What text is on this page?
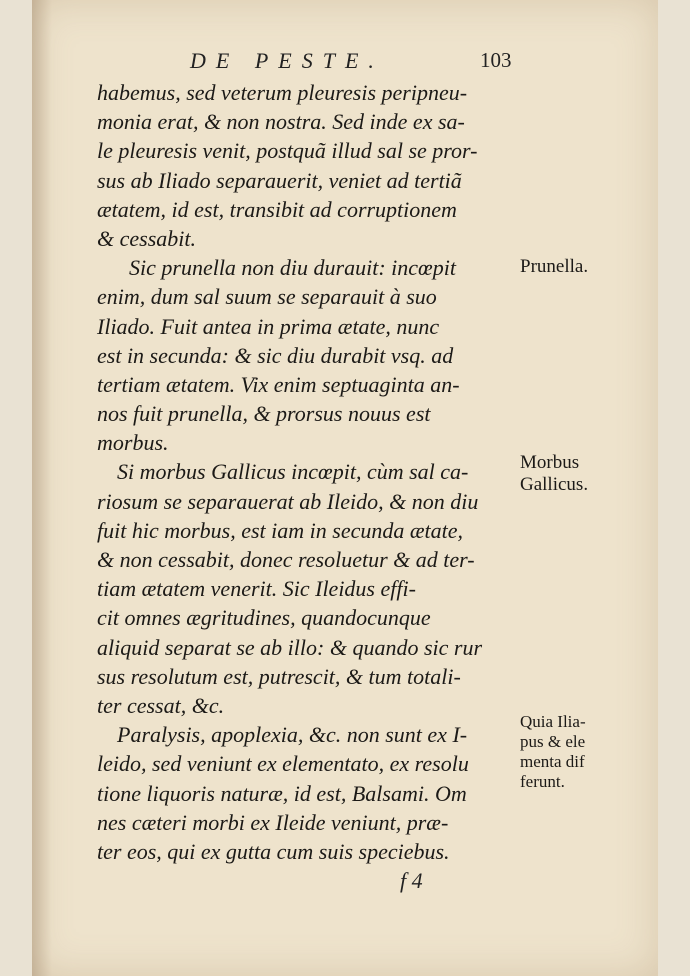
DE PESTE.	103
habemus, sed veterum pleuresis peripneu-
monia erat, & non nostra. Sed inde ex sa-
le pleuresis venit, postquã illud sal se pror-
sus ab Iliado separauerit, veniet ad tertiã
ætatem, id est, transibit ad corruptionem
& cessabit.
Sic prunella non diu durauit: incœpit
enim, dum sal suum se separauit à suo
Iliado. Fuit antea in prima ætate, nunc
est in secunda: & sic diu durabit vsq. ad
tertiam ætatem. Vix enim septuaginta an-
nos fuit prunella, & prorsus nouus est
morbus.
Si morbus Gallicus incœpit, cùm sal ca-
riosum se separauerat ab Ileido, & non diu
fuit hic morbus, est iam in secunda ætate,
& non cessabit, donec resoluetur & ad ter-
tiam ætatem venerit. Sic Ileidus effi-
cit omnes ægritudines, quandocunque
aliquid separat se ab illo: & quando sic rur
sus resolutum est, putrescit, & tum totali-
ter cessat, &c.
Paralysis, apoplexia, &c. non sunt ex I-
leido, sed veniunt ex elementato, ex resolu
tione liquoris naturæ, id est, Balsami. Om
nes cæteri morbi ex Ileide veniunt, præ-
ter eos, qui ex gutta cum suis speciebus.
Prunella.
Morbus
Gallicus.
Quia Ilia-
pus & ele
menta dif
ferunt.
f 4
